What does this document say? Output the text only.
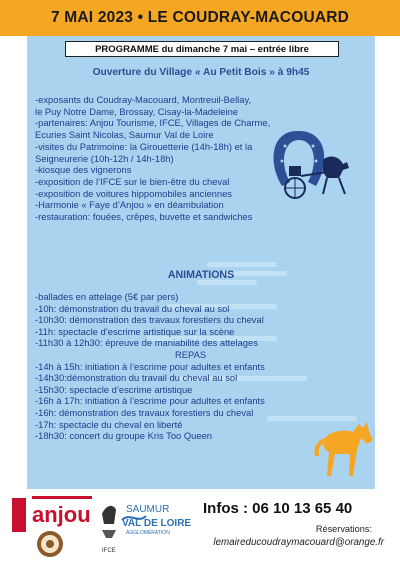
7 MAI 2023 • LE COUDRAY-MACOUARD
PROGRAMME du dimanche 7 mai – entrée libre
Ouverture du Village « Au Petit Bois » à 9h45
-exposants du Coudray-Macouard, Montreuil-Bellay,
le Puy Notre Dame, Brossay, Cisay-la-Madeleine
-partenaires: Anjou Tourisme, IFCE, Villages de Charme,
Ecuries Saint Nicolas, Saumur Val de Loire
-visites du Patrimoine: la Girouetterie (14h-18h) et la
Seigneurerie (10h-12h / 14h-18h)
-kiosque des vignerons
-exposition de l’IFCE sur le bien-être du cheval
-exposition de voitures hippomobiles anciennes
-Harmonie « Faye d’Anjou » en déambulation
-restauration: fouées, crêpes, buvette et sandwiches
ANIMATIONS
-ballades en attelage (5€ par pers)
-10h: démonstration du travail du cheval au sol
-10h30: démonstration des travaux forestiers du cheval
-11h: spectacle d’escrime artistique sur la scène
-11h30 à 12h30: épreuve de maniabilité des attelages
REPAS
-14h à 15h: initiation à l’escrime pour adultes et enfants
-14h30:démonstration du travail du cheval au sol
-15h30: spectacle d’escrime artistique
-16h à 17h: initiation à l’escrime pour adultes et enfants
-16h: démonstration des travaux forestiers du cheval
-17h: spectacle du cheval en liberté
-18h30: concert du groupe Kris Too Queen
anjou
IFCE
SAUMUR
VAL DE LOIRE
AGGLOMÉRATION
Infos : 06 10 13 65 40
Réservations:
lemaireducoudraymacouard@orange.fr
